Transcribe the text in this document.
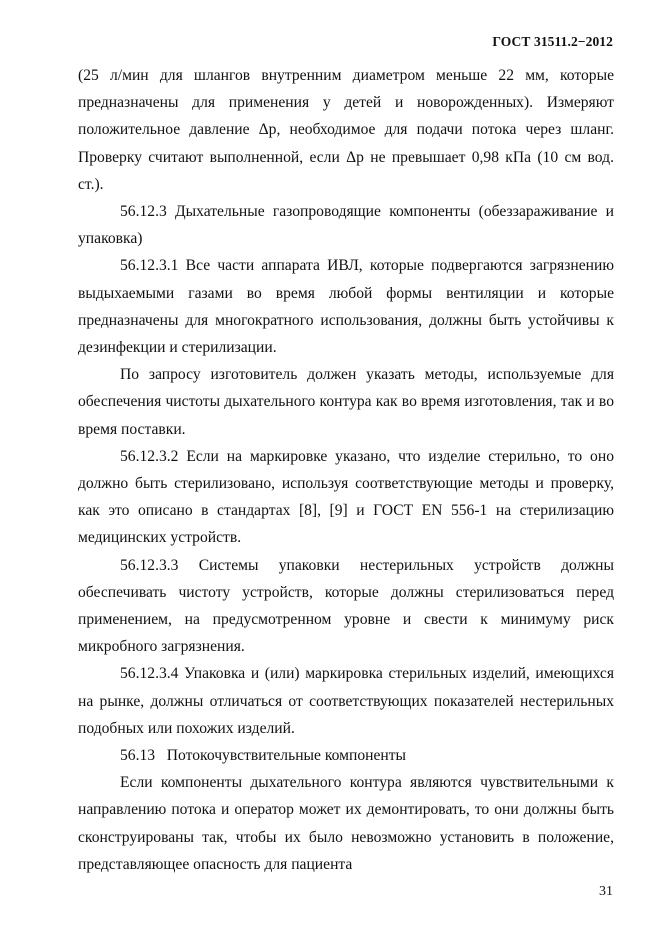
ГОСТ 31511.2−2012

(25 л/мин для шлангов внутренним диаметром меньше 22 мм, которые предназначены для применения у детей и новорожденных). Измеряют положительное давление Δp, необходимое для подачи потока через шланг. Проверку считают выполненной, если Δp не превышает 0,98 кПа (10 см вод. ст.).

56.12.3 Дыхательные газопроводящие компоненты (обеззараживание и упаковка)

56.12.3.1 Все части аппарата ИВЛ, которые подвергаются загрязнению выдыхаемыми газами во время любой формы вентиляции и которые предназначены для многократного использования, должны быть устойчивы к дезинфекции и стерилизации.

По запросу изготовитель должен указать методы, используемые для обеспечения чистоты дыхательного контура как во время изготовления, так и во время поставки.

56.12.3.2 Если на маркировке указано, что изделие стерильно, то оно должно быть стерилизовано, используя соответствующие методы и проверку, как это описано в стандартах [8], [9] и ГОСТ EN 556-1 на стерилизацию медицинских устройств.

56.12.3.3 Системы упаковки нестерильных устройств должны обеспечивать чистоту устройств, которые должны стерилизоваться перед применением, на предусмотренном уровне и свести к минимуму риск микробного загрязнения.

56.12.3.4 Упаковка и (или) маркировка стерильных изделий, имеющихся на рынке, должны отличаться от соответствующих показателей нестерильных подобных или похожих изделий.

56.13   Потокочувствительные компоненты

Если компоненты дыхательного контура являются чувствительными к направлению потока и оператор может их демонтировать, то они должны быть сконструированы так, чтобы их было невозможно установить в положение, представляющее опасность для пациента

31
